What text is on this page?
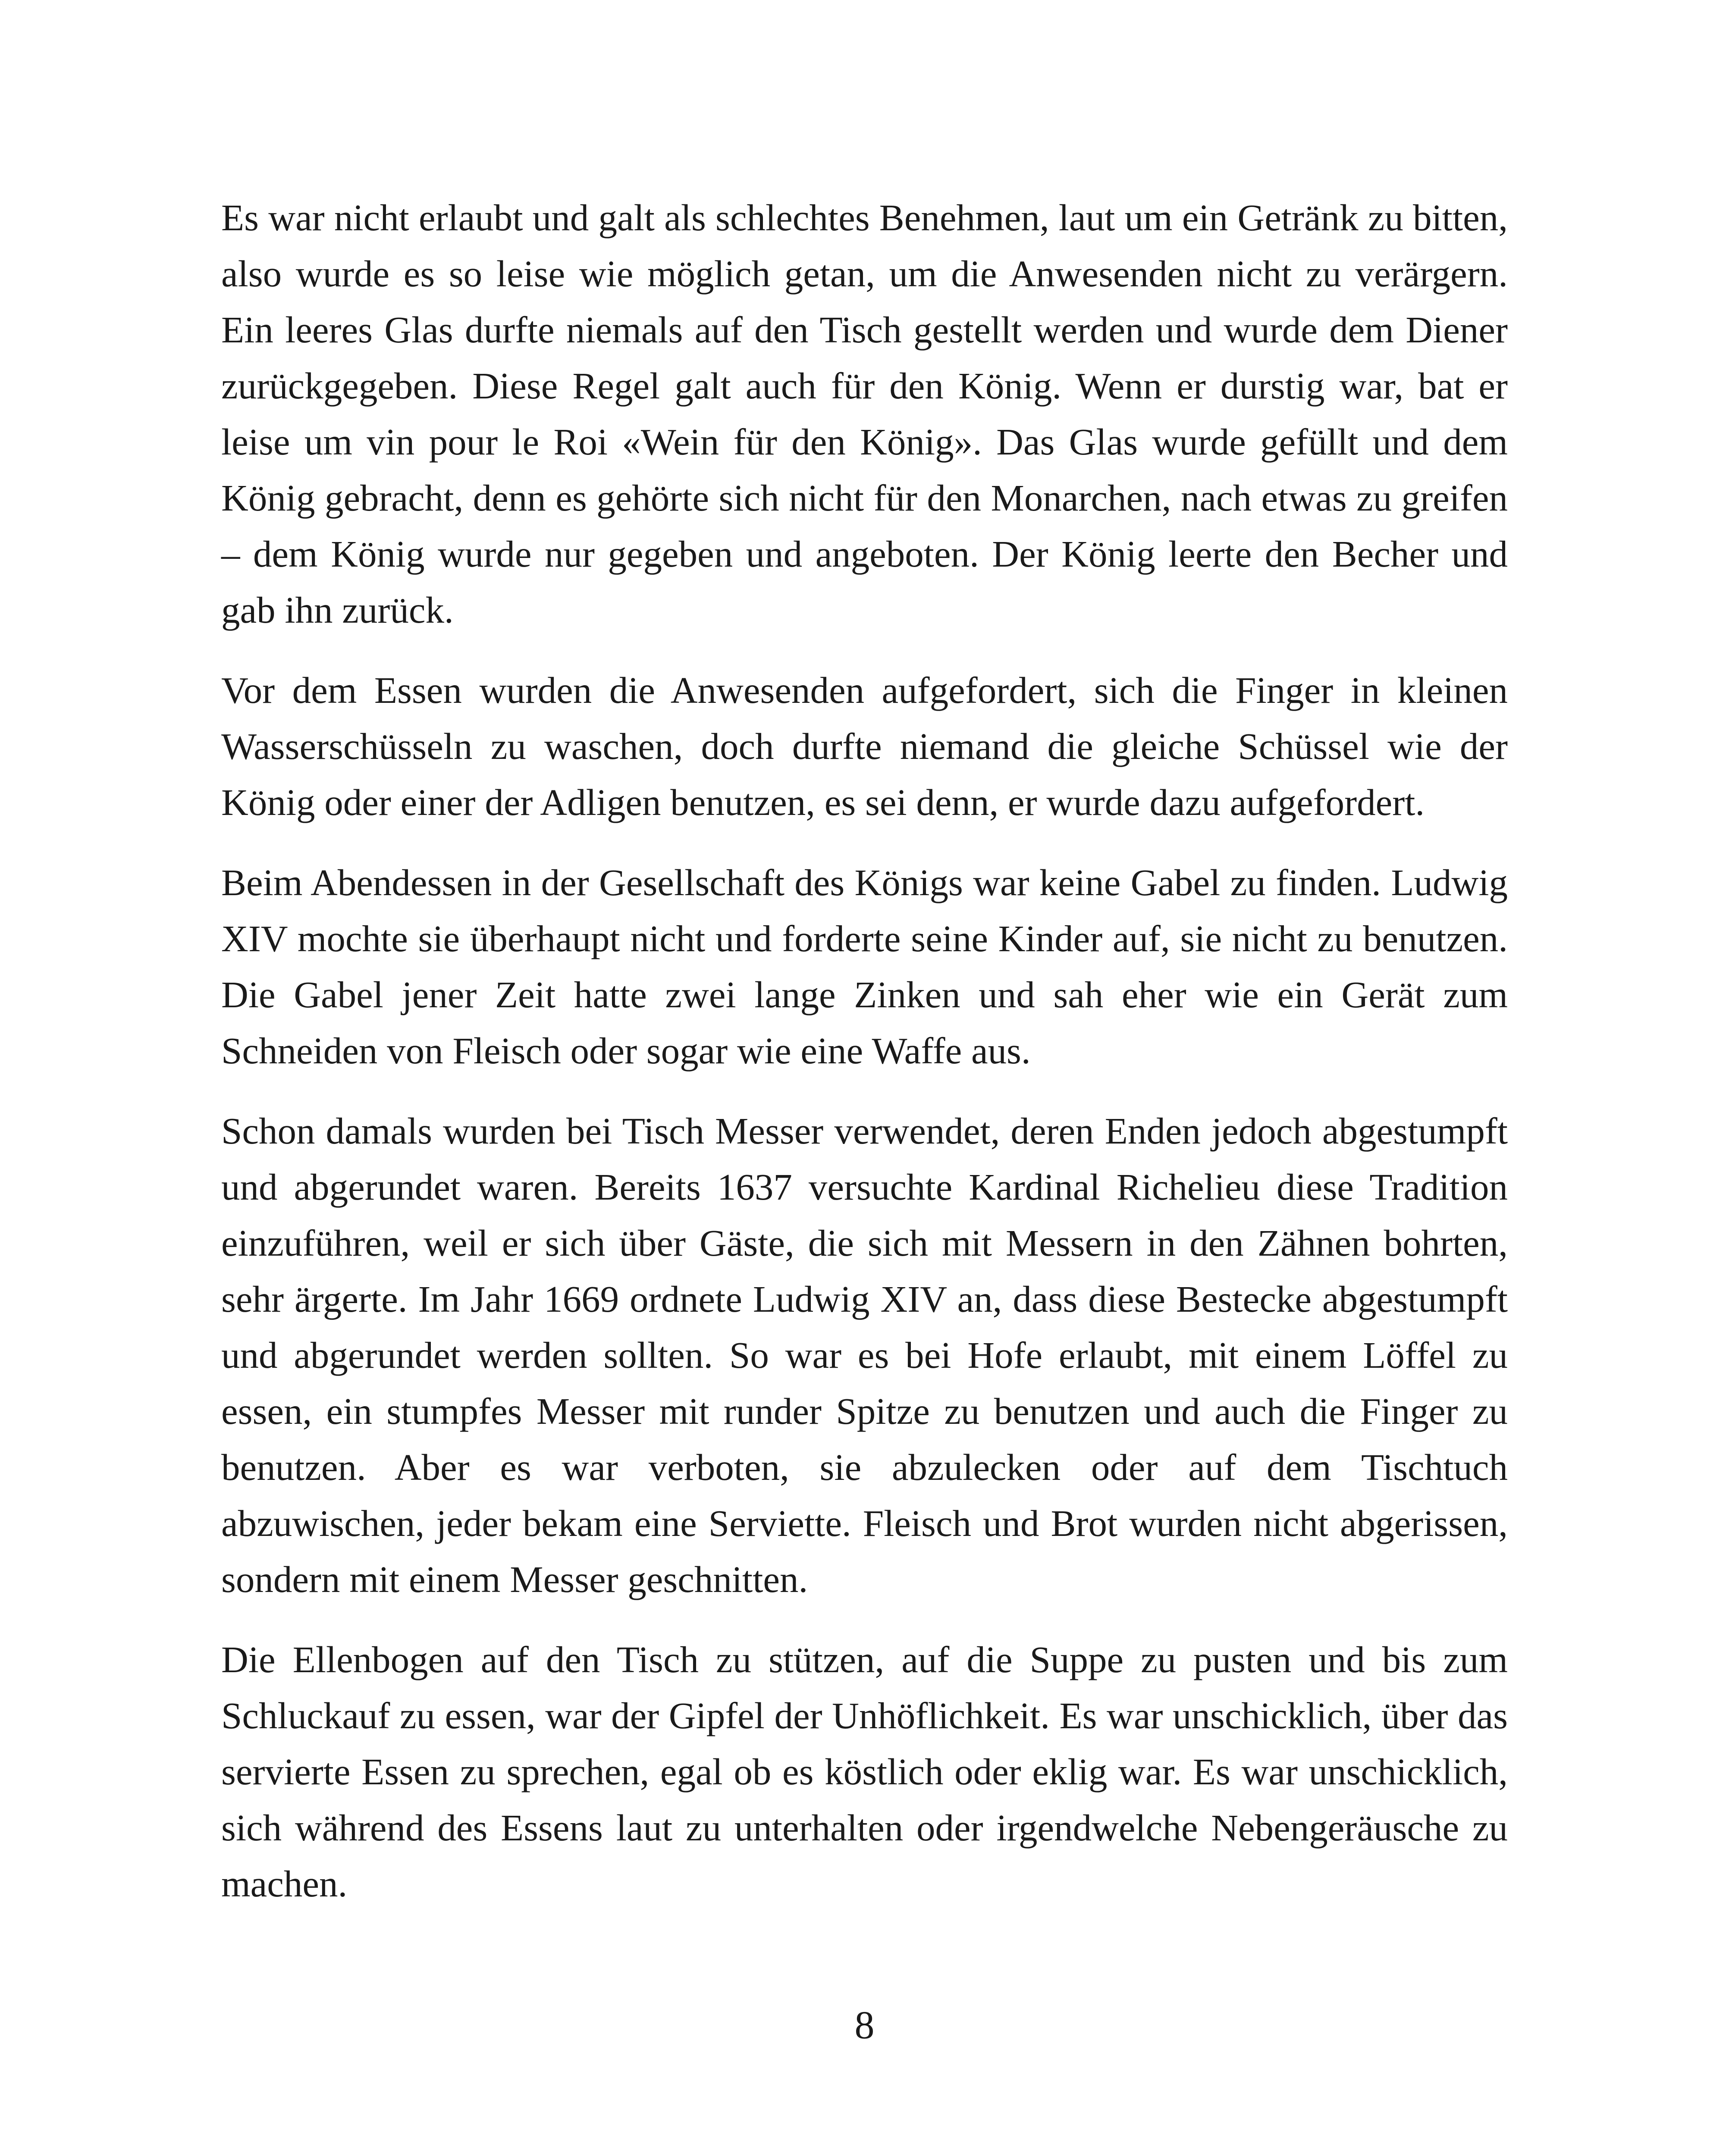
Es war nicht erlaubt und galt als schlechtes Benehmen, laut um ein Getränk zu bitten, also wurde es so leise wie möglich getan, um die Anwesenden nicht zu verärgern. Ein leeres Glas durfte niemals auf den Tisch gestellt werden und wurde dem Diener zurückgegeben. Diese Regel galt auch für den König. Wenn er durstig war, bat er leise um vin pour le Roi «Wein für den König». Das Glas wurde gefüllt und dem König gebracht, denn es gehörte sich nicht für den Monarchen, nach etwas zu greifen – dem König wurde nur gegeben und angeboten. Der König leerte den Becher und gab ihn zurück.

Vor dem Essen wurden die Anwesenden aufgefordert, sich die Finger in kleinen Wasserschüsseln zu waschen, doch durfte niemand die gleiche Schüssel wie der König oder einer der Adligen benutzen, es sei denn, er wurde dazu aufgefordert.

Beim Abendessen in der Gesellschaft des Königs war keine Gabel zu finden. Ludwig XIV mochte sie überhaupt nicht und forderte seine Kinder auf, sie nicht zu benutzen. Die Gabel jener Zeit hatte zwei lange Zinken und sah eher wie ein Gerät zum Schneiden von Fleisch oder sogar wie eine Waffe aus.

Schon damals wurden bei Tisch Messer verwendet, deren Enden jedoch abgestumpft und abgerundet waren. Bereits 1637 versuchte Kardinal Richelieu diese Tradition einzuführen, weil er sich über Gäste, die sich mit Messern in den Zähnen bohrten, sehr ärgerte. Im Jahr 1669 ordnete Ludwig XIV an, dass diese Bestecke abgestumpft und abgerundet werden sollten. So war es bei Hofe erlaubt, mit einem Löffel zu essen, ein stumpfes Messer mit runder Spitze zu benutzen und auch die Finger zu benutzen. Aber es war verboten, sie abzulecken oder auf dem Tischtuch abzuwischen, jeder bekam eine Serviette. Fleisch und Brot wurden nicht abgerissen, sondern mit einem Messer geschnitten.

Die Ellenbogen auf den Tisch zu stützen, auf die Suppe zu pusten und bis zum Schluckauf zu essen, war der Gipfel der Unhöflichkeit. Es war unschicklich, über das servierte Essen zu sprechen, egal ob es köstlich oder eklig war. Es war unschicklich, sich während des Essens laut zu unterhalten oder irgendwelche Nebengeräusche zu machen.

8
